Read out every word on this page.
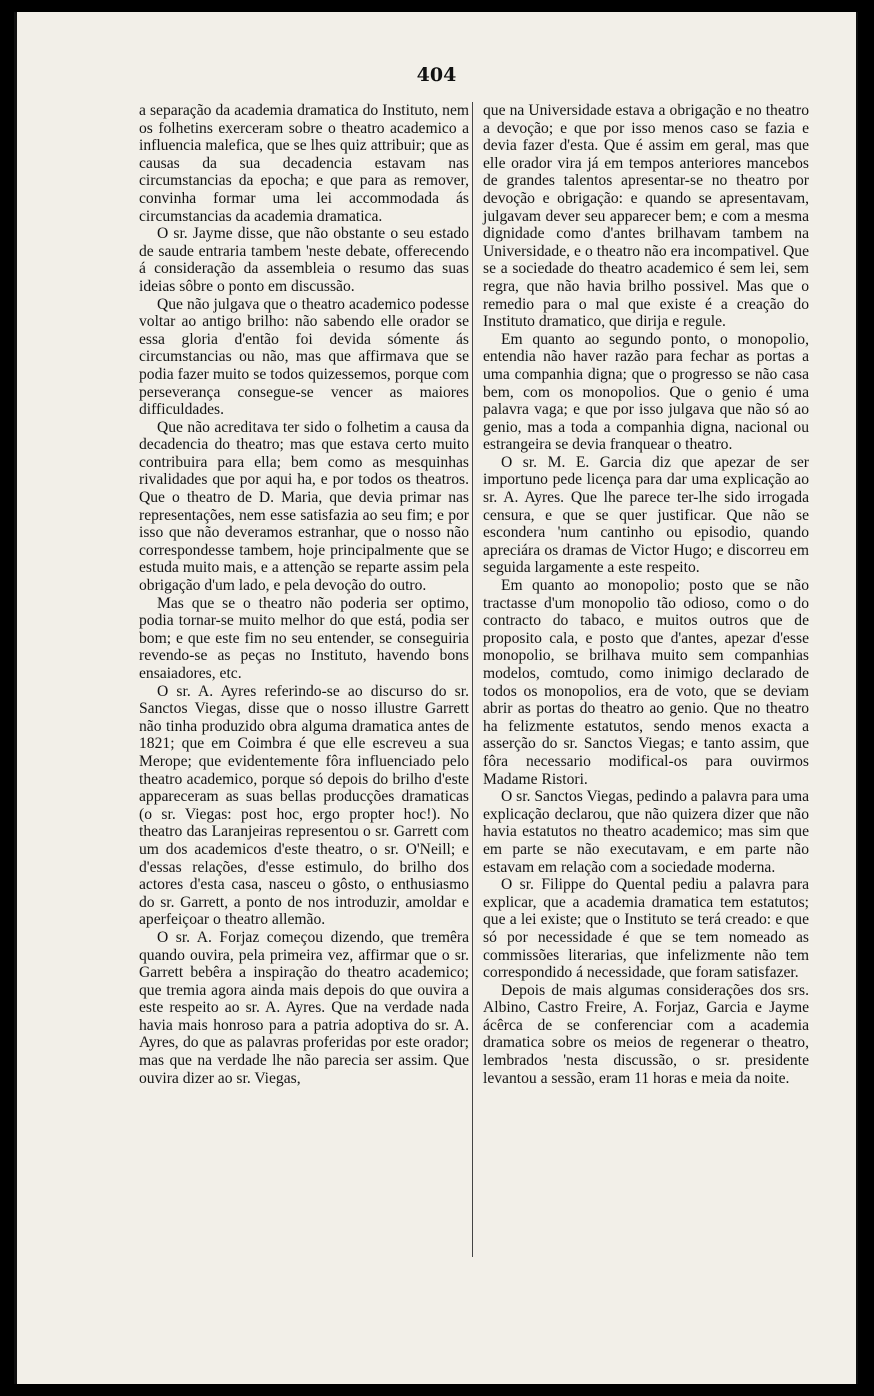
404

a separação da academia dramatica do Instituto, nem os folhetins exerceram sobre o theatro academico a influencia malefica, que se lhes quiz attribuir; que as causas da sua decadencia estavam nas circumstancias da epocha; e que para as remover, convinha formar uma lei accommodada ás circumstancias da academia dramatica.

O sr. Jayme disse, que não obstante o seu estado de saude entraria tambem 'neste debate, offerecendo á consideração da assembleia o resumo das suas ideias sôbre o ponto em discussão.

Que não julgava que o theatro academico podesse voltar ao antigo brilho: não sabendo elle orador se essa gloria d'então foi devida sómente ás circumstancias ou não, mas que affirmava que se podia fazer muito se todos quizessemos, porque com perseverança consegue-se vencer as maiores difficuldades.

Que não acreditava ter sido o folhetim a causa da decadencia do theatro; mas que estava certo muito contribuira para ella; bem como as mesquinhas rivalidades que por aqui ha, e por todos os theatros. Que o theatro de D. Maria, que devia primar nas representações, nem esse satisfazia ao seu fim; e por isso que não deveramos estranhar, que o nosso não correspondesse tambem, hoje principalmente que se estuda muito mais, e a attenção se reparte assim pela obrigação d'um lado, e pela devoção do outro.

Mas que se o theatro não poderia ser optimo, podia tornar-se muito melhor do que está, podia ser bom; e que este fim no seu entender, se conseguiria revendo-se as peças no Instituto, havendo bons ensaiadores, etc.

O sr. A. Ayres referindo-se ao discurso do sr. Sanctos Viegas, disse que o nosso illustre Garrett não tinha produzido obra alguma dramatica antes de 1821; que em Coimbra é que elle escreveu a sua Merope; que evidentemente fôra influenciado pelo theatro academico, porque só depois do brilho d'este appareceram as suas bellas producções dramaticas (o sr. Viegas: post hoc, ergo propter hoc!). No theatro das Laranjeiras representou o sr. Garrett com um dos academicos d'este theatro, o sr. O'Neill; e d'essas relações, d'esse estimulo, do brilho dos actores d'esta casa, nasceu o gôsto, o enthusiasmo do sr. Garrett, a ponto de nos introduzir, amoldar e aperfeiçoar o theatro allemão.

O sr. A. Forjaz começou dizendo, que tremêra quando ouvira, pela primeira vez, affirmar que o sr. Garrett bebêra a inspiração do theatro academico; que tremia agora ainda mais depois do que ouvira a este respeito ao sr. A. Ayres. Que na verdade nada havia mais honroso para a patria adoptiva do sr. A. Ayres, do que as palavras proferidas por este orador; mas que na verdade lhe não parecia ser assim. Que ouvira dizer ao sr. Viegas,

que na Universidade estava a obrigação e no theatro a devoção; e que por isso menos caso se fazia e devia fazer d'esta. Que é assim em geral, mas que elle orador vira já em tempos anteriores mancebos de grandes talentos apresentar-se no theatro por devoção e obrigação: e quando se apresentavam, julgavam dever seu apparecer bem; e com a mesma dignidade como d'antes brilhavam tambem na Universidade, e o theatro não era incompativel. Que se a sociedade do theatro academico é sem lei, sem regra, que não havia brilho possivel. Mas que o remedio para o mal que existe é a creação do Instituto dramatico, que dirija e regule.

Em quanto ao segundo ponto, o monopolio, entendia não haver razão para fechar as portas a uma companhia digna; que o progresso se não casa bem, com os monopolios. Que o genio é uma palavra vaga; e que por isso julgava que não só ao genio, mas a toda a companhia digna, nacional ou estrangeira se devia franquear o theatro.

O sr. M. E. Garcia diz que apezar de ser importuno pede licença para dar uma explicação ao sr. A. Ayres. Que lhe parece ter-lhe sido irrogada censura, e que se quer justificar. Que não se escondera 'num cantinho ou episodio, quando apreciára os dramas de Victor Hugo; e discorreu em seguida largamente a este respeito.

Em quanto ao monopolio; posto que se não tractasse d'um monopolio tão odioso, como o do contracto do tabaco, e muitos outros que de proposito cala, e posto que d'antes, apezar d'esse monopolio, se brilhava muito sem companhias modelos, comtudo, como inimigo declarado de todos os monopolios, era de voto, que se deviam abrir as portas do theatro ao genio. Que no theatro ha felizmente estatutos, sendo menos exacta a asserção do sr. Sanctos Viegas; e tanto assim, que fôra necessario modifical-os para ouvirmos Madame Ristori.

O sr. Sanctos Viegas, pedindo a palavra para uma explicação declarou, que não quizera dizer que não havia estatutos no theatro academico; mas sim que em parte se não executavam, e em parte não estavam em relação com a sociedade moderna.

O sr. Filippe do Quental pediu a palavra para explicar, que a academia dramatica tem estatutos; que a lei existe; que o Instituto se terá creado: e que só por necessidade é que se tem nomeado as commissões literarias, que infelizmente não tem correspondido á necessidade, que foram satisfazer.

Depois de mais algumas considerações dos srs. Albino, Castro Freire, A. Forjaz, Garcia e Jayme ácêrca de se conferenciar com a academia dramatica sobre os meios de regenerar o theatro, lembrados 'nesta discussão, o sr. presidente levantou a sessão, eram 11 horas e meia da noite.
